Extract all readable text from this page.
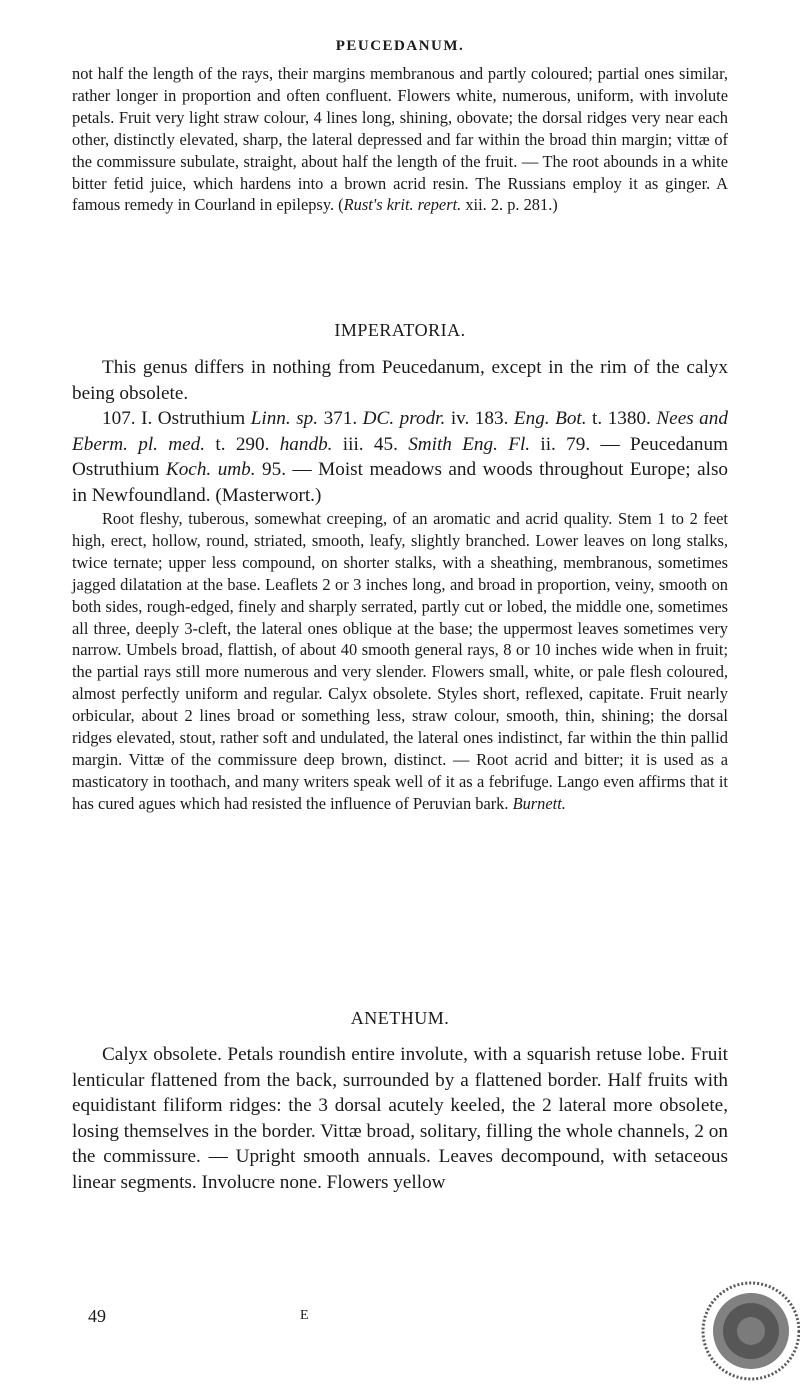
PEUCEDANUM.

not half the length of the rays, their margins membranous and partly coloured; partial ones similar, rather longer in proportion and often confluent. Flowers white, numerous, uniform, with involute petals. Fruit very light straw colour, 4 lines long, shining, obovate; the dorsal ridges very near each other, distinctly elevated, sharp, the lateral depressed and far within the broad thin margin; vittæ of the commissure subulate, straight, about half the length of the fruit. — The root abounds in a white bitter fetid juice, which hardens into a brown acrid resin. The Russians employ it as ginger. A famous remedy in Courland in epilepsy. (Rust's krit. repert. xii. 2. p. 281.)

IMPERATORIA.

This genus differs in nothing from Peucedanum, except in the rim of the calyx being obsolete.

107. I. Ostruthium Linn. sp. 371. DC. prodr. iv. 183. Eng. Bot. t. 1380. Nees and Eberm. pl. med. t. 290. handb. iii. 45. Smith Eng. Fl. ii. 79. — Peucedanum Ostruthium Koch. umb. 95. — Moist meadows and woods throughout Europe; also in Newfoundland. (Masterwort.)

Root fleshy, tuberous, somewhat creeping, of an aromatic and acrid quality. Stem 1 to 2 feet high, erect, hollow, round, striated, smooth, leafy, slightly branched. Lower leaves on long stalks, twice ternate; upper less compound, on shorter stalks, with a sheathing, membranous, sometimes jagged dilatation at the base. Leaflets 2 or 3 inches long, and broad in proportion, veiny, smooth on both sides, rough-edged, finely and sharply serrated, partly cut or lobed, the middle one, sometimes all three, deeply 3-cleft, the lateral ones oblique at the base; the uppermost leaves sometimes very narrow. Umbels broad, flattish, of about 40 smooth general rays, 8 or 10 inches wide when in fruit; the partial rays still more numerous and very slender. Flowers small, white, or pale flesh coloured, almost perfectly uniform and regular. Calyx obsolete. Styles short, reflexed, capitate. Fruit nearly orbicular, about 2 lines broad or something less, straw colour, smooth, thin, shining; the dorsal ridges elevated, stout, rather soft and undulated, the lateral ones indistinct, far within the thin pallid margin. Vittæ of the commissure deep brown, distinct. — Root acrid and bitter; it is used as a masticatory in toothach, and many writers speak well of it as a febrifuge. Lango even affirms that it has cured agues which had resisted the influence of Peruvian bark. Burnett.

ANETHUM.

Calyx obsolete. Petals roundish entire involute, with a squarish retuse lobe. Fruit lenticular flattened from the back, surrounded by a flattened border. Half fruits with equidistant filiform ridges: the 3 dorsal acutely keeled, the 2 lateral more obsolete, losing themselves in the border. Vittæ broad, solitary, filling the whole channels, 2 on the commissure. — Upright smooth annuals. Leaves decompound, with setaceous linear segments. Involucre none. Flowers yellow

49	E
